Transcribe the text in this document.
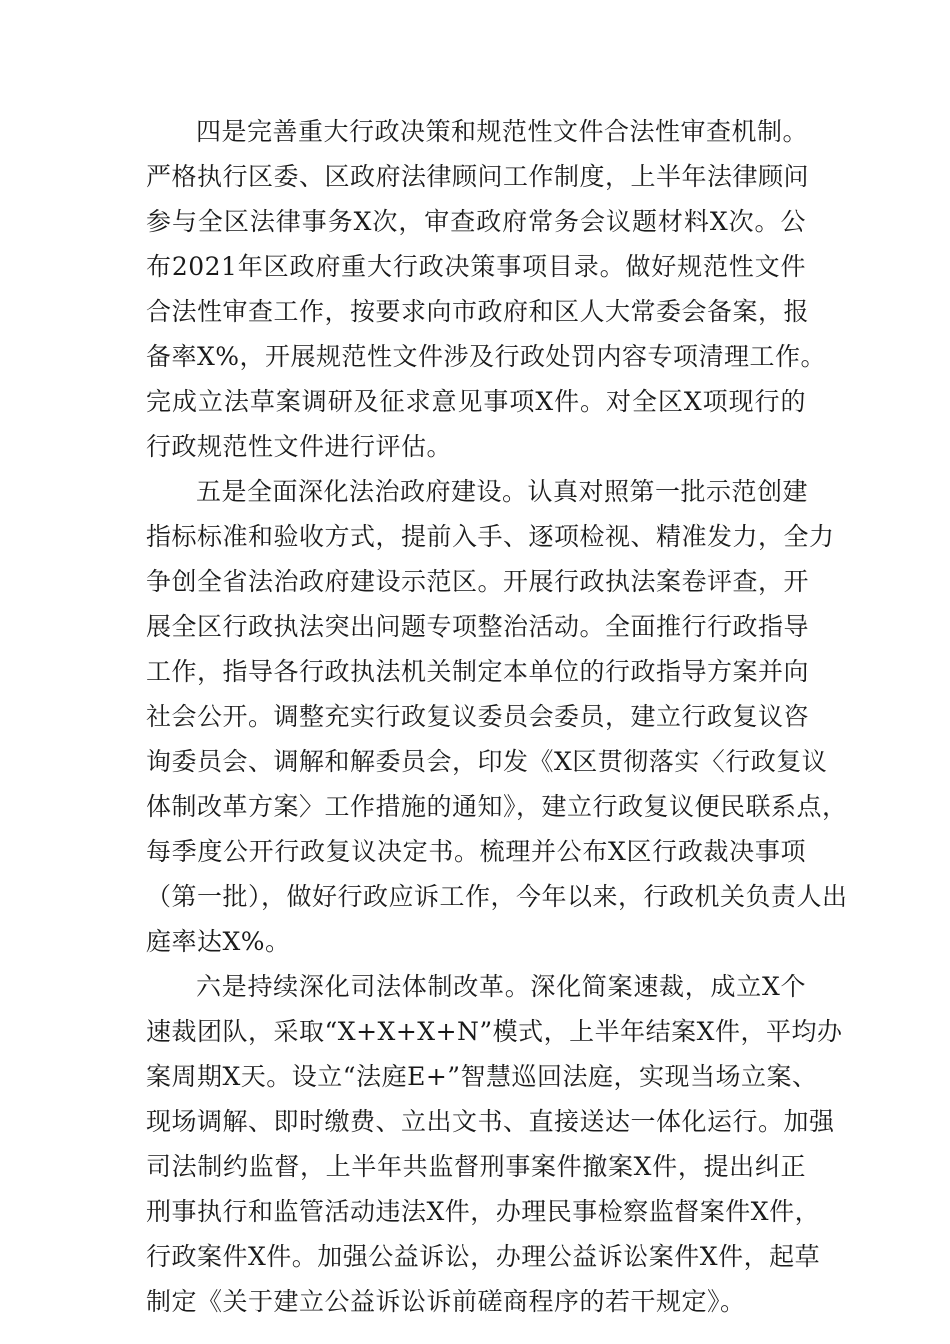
四是完善重大行政决策和规范性文件合法性审查机制。
严格执行区委、区政府法律顾问工作制度，上半年法律顾问
参与全区法律事务X次，审查政府常务会议题材料X次。公
布2021年区政府重大行政决策事项目录。做好规范性文件
合法性审查工作，按要求向市政府和区人大常委会备案，报
备率X%，开展规范性文件涉及行政处罚内容专项清理工作。
完成立法草案调研及征求意见事项X件。对全区X项现行的
行政规范性文件进行评估。
五是全面深化法治政府建设。认真对照第一批示范创建
指标标准和验收方式，提前入手、逐项检视、精准发力，全力
争创全省法治政府建设示范区。开展行政执法案卷评查，开
展全区行政执法突出问题专项整治活动。全面推行行政指导
工作，指导各行政执法机关制定本单位的行政指导方案并向
社会公开。调整充实行政复议委员会委员，建立行政复议咨
询委员会、调解和解委员会，印发《X区贯彻落实〈行政复议
体制改革方案〉工作措施的通知》，建立行政复议便民联系点，
每季度公开行政复议决定书。梳理并公布X区行政裁决事项
（第一批），做好行政应诉工作，今年以来，行政机关负责人出
庭率达X%。
六是持续深化司法体制改革。深化简案速裁，成立X个
速裁团队，采取“X+X+X+N”模式，上半年结案X件，平均办
案周期X天。设立“法庭E+”智慧巡回法庭，实现当场立案、
现场调解、即时缴费、立出文书、直接送达一体化运行。加强
司法制约监督，上半年共监督刑事案件撤案X件，提出纠正
刑事执行和监管活动违法X件，办理民事检察监督案件X件，
行政案件X件。加强公益诉讼，办理公益诉讼案件X件，起草
制定《关于建立公益诉讼诉前磋商程序的若干规定》。
